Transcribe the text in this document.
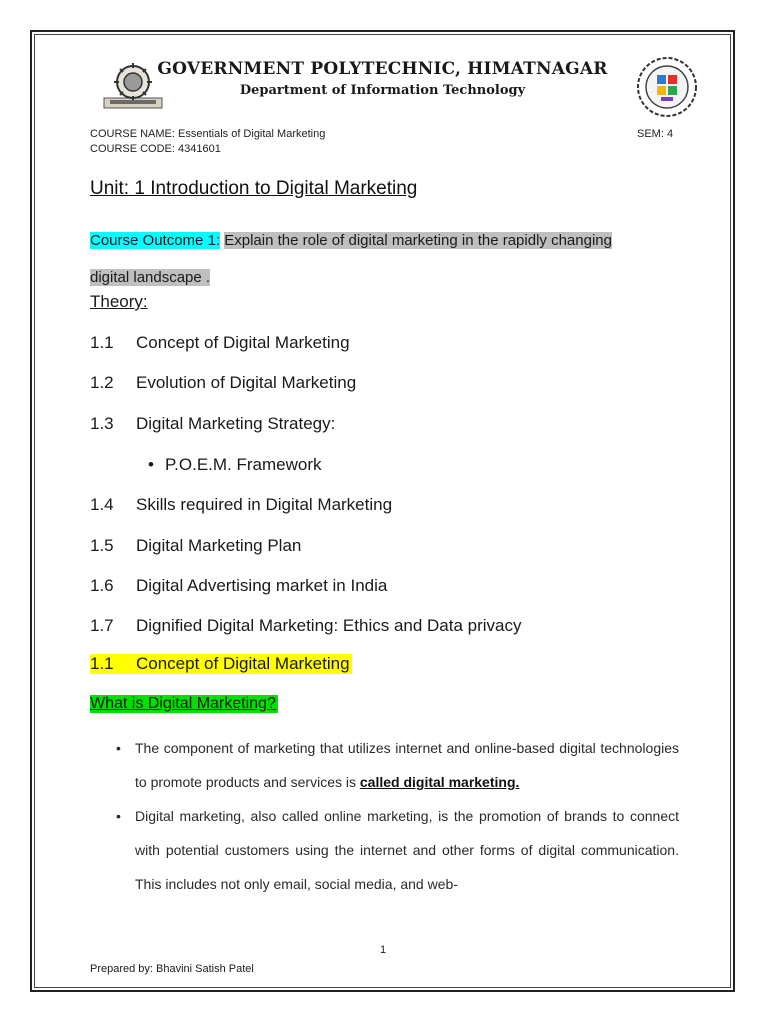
GOVERNMENT POLYTECHNIC, HIMATNAGAR
Department of Information Technology
COURSE NAME: Essentials of Digital Marketing
COURSE CODE: 4341601
SEM: 4
Unit: 1 Introduction to Digital Marketing
Course Outcome 1: Explain the role of digital marketing in the rapidly changing
digital landscape .
Theory:
1.1 Concept of Digital Marketing
1.2 Evolution of Digital Marketing
1.3 Digital Marketing Strategy:
• P.O.E.M. Framework
1.4 Skills required in Digital Marketing
1.5 Digital Marketing Plan
1.6 Digital Advertising market in India
1.7 Dignified Digital Marketing: Ethics and Data privacy
1.1 Concept of Digital Marketing
What is Digital Marketing?

• The component of marketing that utilizes internet and online-based digital technologies to promote products and services is called digital marketing.

• Digital marketing, also called online marketing, is the promotion of brands to connect with potential customers using the internet and other forms of digital communication. This includes not only email, social media, and web-

1
Prepared by: Bhavini Satish Patel
